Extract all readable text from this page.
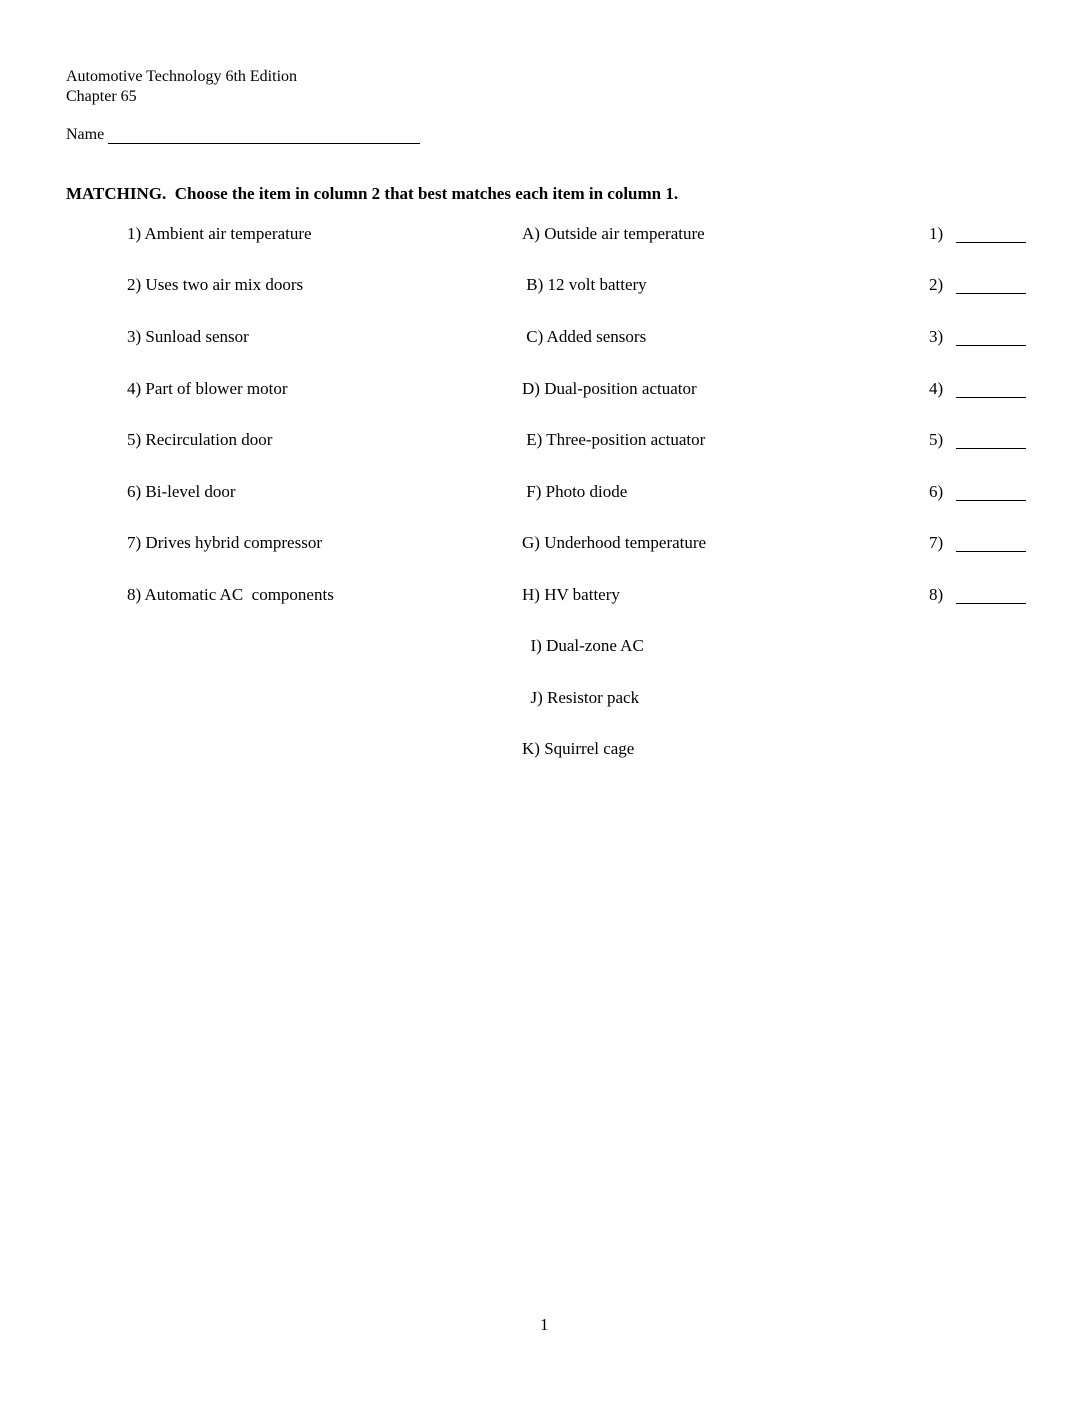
Automotive Technology 6th Edition
Chapter 65
Name
MATCHING.  Choose the item in column 2 that best matches each item in column 1.
1) Ambient air temperature
2) Uses two air mix doors
3) Sunload sensor
4) Part of blower motor
5) Recirculation door
6) Bi-level door
7) Drives hybrid compressor
8) Automatic AC  components
A) Outside air temperature
B) 12 volt battery
C) Added sensors
D) Dual-position actuator
E) Three-position actuator
F) Photo diode
G) Underhood temperature
H) HV battery
I) Dual-zone AC
J) Resistor pack
K) Squirrel cage
1)
2)
3)
4)
5)
6)
7)
8)
1
